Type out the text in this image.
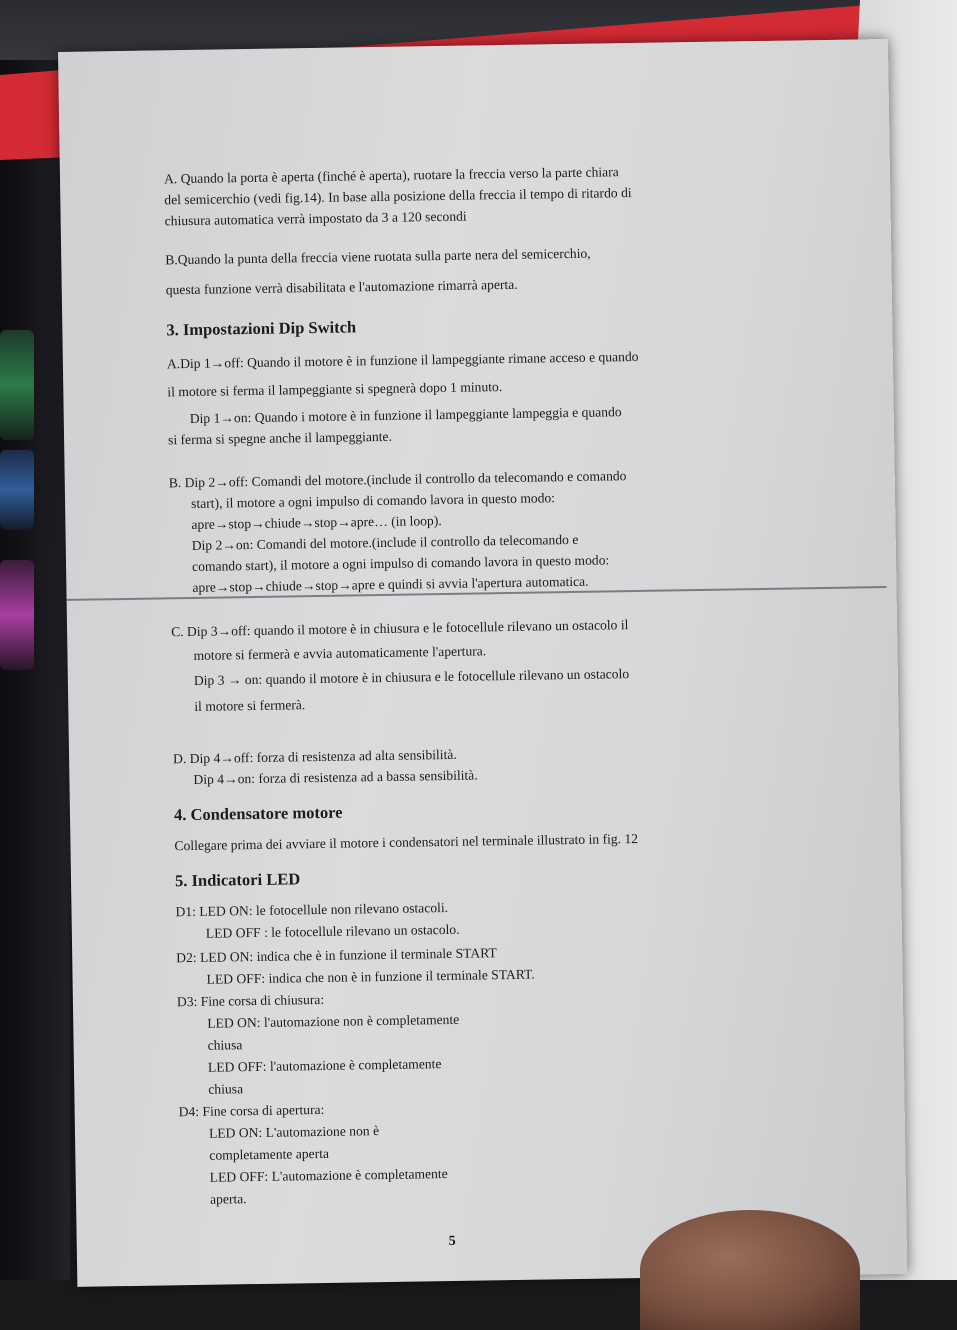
A. Quando la porta è aperta (finché è aperta), ruotare la freccia verso la parte chiara
del semicerchio (vedi fig.14). In base alla posizione della freccia il tempo di ritardo di
chiusura automatica verrà impostato da 3 a 120 secondi

B.Quando la punta della freccia viene ruotata sulla parte nera del semicerchio,
questa funzione verrà disabilitata e l'automazione rimarrà aperta.

3. Impostazioni Dip Switch

A.Dip 1→off: Quando il motore è in funzione il lampeggiante rimane acceso e quando
il motore si ferma il lampeggiante si spegnerà dopo 1 minuto.

Dip 1→on: Quando i motore è in funzione il lampeggiante lampeggia e quando
si ferma si spegne anche il lampeggiante.

B. Dip 2→off: Comandi del motore.(include il controllo da telecomando e comando
start), il motore a ogni impulso di comando lavora in questo modo:
apre→stop→chiude→stop→apre… (in loop).

Dip 2→on: Comandi del motore.(include il controllo da telecomando e
comando start), il motore a ogni impulso di comando lavora in questo modo:
apre→stop→chiude→stop→apre e quindi si avvia l'apertura automatica.

C. Dip 3→off: quando il motore è in chiusura e le fotocellule rilevano un ostacolo il
motore si fermerà e avvia automaticamente l'apertura.

Dip 3 → on: quando il motore è in chiusura e le fotocellule rilevano un ostacolo
il motore si fermerà.

D. Dip 4→off: forza di resistenza ad alta sensibilità.
Dip 4→on: forza di resistenza ad a bassa sensibilità.

4. Condensatore motore

Collegare prima dei avviare il motore i condensatori nel terminale illustrato in fig. 12

5. Indicatori LED

D1: LED ON: le fotocellule non rilevano ostacoli.

LED OFF : le fotocellule rilevano un ostacolo.

D2: LED ON: indica che è in funzione il terminale START

LED OFF: indica che non è in funzione il terminale START.

D3: Fine corsa di chiusura:

LED ON: l'automazione non è completamente

chiusa

LED OFF: l'automazione è completamente

chiusa

D4: Fine corsa di apertura:

LED ON: L'automazione non è

completamente aperta

LED OFF: L'automazione è completamente

aperta.

5
